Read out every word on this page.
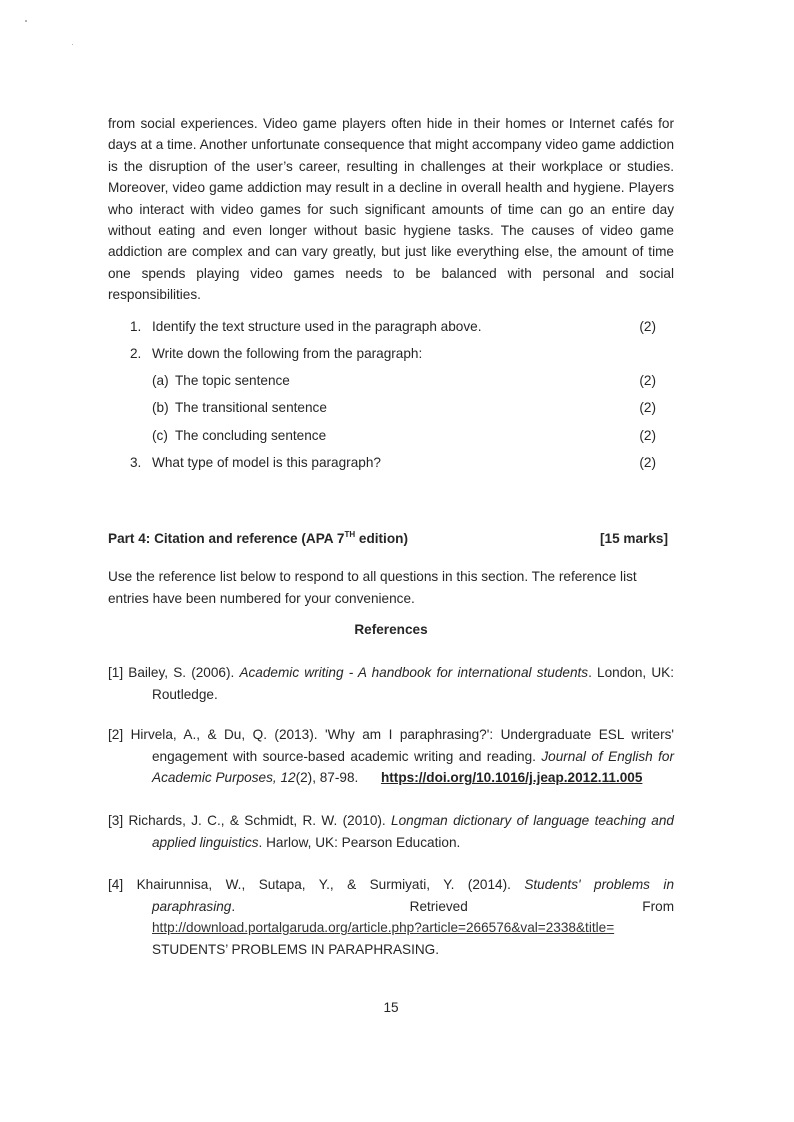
from social experiences. Video game players often hide in their homes or Internet cafés for days at a time. Another unfortunate consequence that might accompany video game addiction is the disruption of the user’s career, resulting in challenges at their workplace or studies. Moreover, video game addiction may result in a decline in overall health and hygiene. Players who interact with video games for such significant amounts of time can go an entire day without eating and even longer without basic hygiene tasks. The causes of video game addiction are complex and can vary greatly, but just like everything else, the amount of time one spends playing video games needs to be balanced with personal and social responsibilities.

1. Identify the text structure used in the paragraph above.	(2)
2. Write down the following from the paragraph:
(a) The topic sentence	(2)
(b) The transitional sentence	(2)
(c) The concluding sentence	(2)
3. What type of model is this paragraph?	(2)
Part 4: Citation and reference (APA 7TH edition)	[15 marks]

Use the reference list below to respond to all questions in this section. The reference list entries have been numbered for your convenience.

References

[1] Bailey, S. (2006). Academic writing - A handbook for international students. London, UK:
Routledge.

[2] Hirvela, A., & Du, Q. (2013). 'Why am I paraphrasing?': Undergraduate ESL writers'
engagement with source-based academic writing and reading. Journal of English for
Academic Purposes, 12(2), 87-98. https://doi.org/10.1016/j.jeap.2012.11.005

[3] Richards, J. C., & Schmidt, R. W. (2010). Longman dictionary of language teaching and
applied linguistics. Harlow, UK: Pearson Education.

[4] Khairunnisa, W., Sutapa, Y., & Surmiyati, Y. (2014). Students' problems in
paraphrasing.	Retrieved	From
http://download.portalgaruda.org/article.php?article=266576&val=2338&title=
STUDENTS’ PROBLEMS IN PARAPHRASING.

15
